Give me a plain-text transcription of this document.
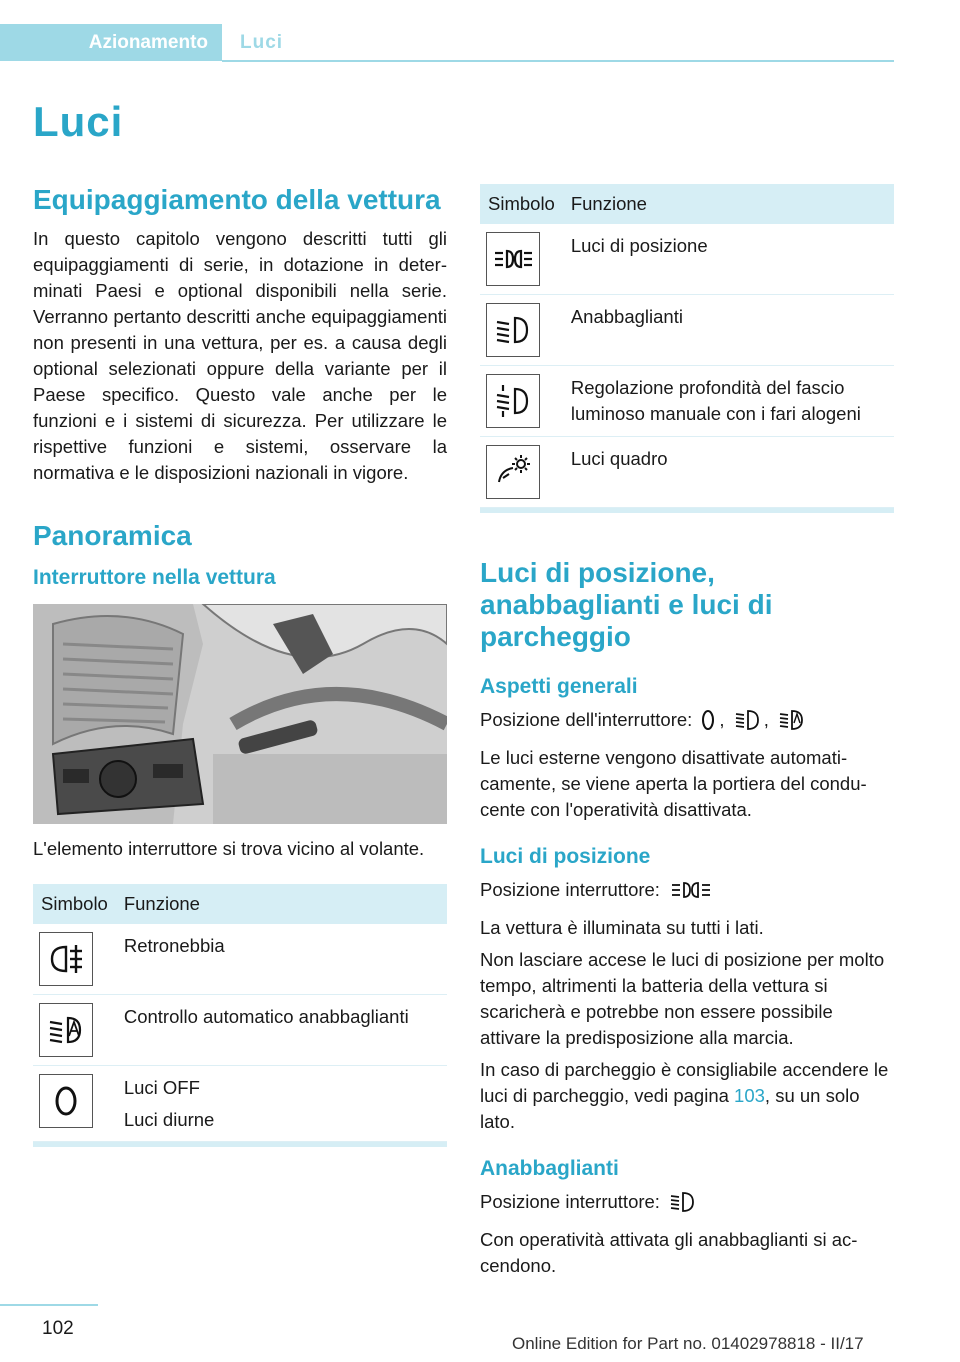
Azionamento	Luci
Luci
Equipaggiamento della vettura

In questo capitolo vengono descritti tutti gli equipaggiamenti di serie, in dotazione in determinati Paesi e optional disponibili nella serie. Verranno pertanto descritti anche equipaggiamenti non presenti in una vettura, per es. a causa degli optional selezionati oppure della variante per il Paese specifico. Questo vale anche per le funzioni e i sistemi di sicurezza. Per utilizzare le rispettive funzioni e sistemi, osservare la normativa e le disposizioni nazionali in vigore.

Panoramica
Interruttore nella vettura

L'elemento interruttore si trova vicino al volante.

Simbolo	Funzione

	Retronebbia

	Controllo automatico anabbaglianti

Luci OFF
Luci diurne
Simbolo	Funzione

	Luci di posizione

	Anabbaglianti

	Regolazione profondità del fascio luminoso manuale con i fari alogeni

	Luci quadro
Luci di posizione, anabbaglianti e luci di parcheggio
Aspetti generali

Posizione dell'interruttore: , ,

Le luci esterne vengono disattivate automaticamente, se viene aperta la portiera del conducente con l'operatività disattivata.

Luci di posizione

Posizione interruttore:

La vettura è illuminata su tutti i lati.

Non lasciare accese le luci di posizione per molto tempo, altrimenti la batteria della vettura si scaricherà e potrebbe non essere possibile attivare la predisposizione alla marcia.

In caso di parcheggio è consigliabile accendere le luci di parcheggio, vedi pagina 103, su un solo lato.

Anabbaglianti

Posizione interruttore:

Con operatività attivata gli anabbaglianti si accendono.

102
Online Edition for Part no. 01402978818 - II/17
